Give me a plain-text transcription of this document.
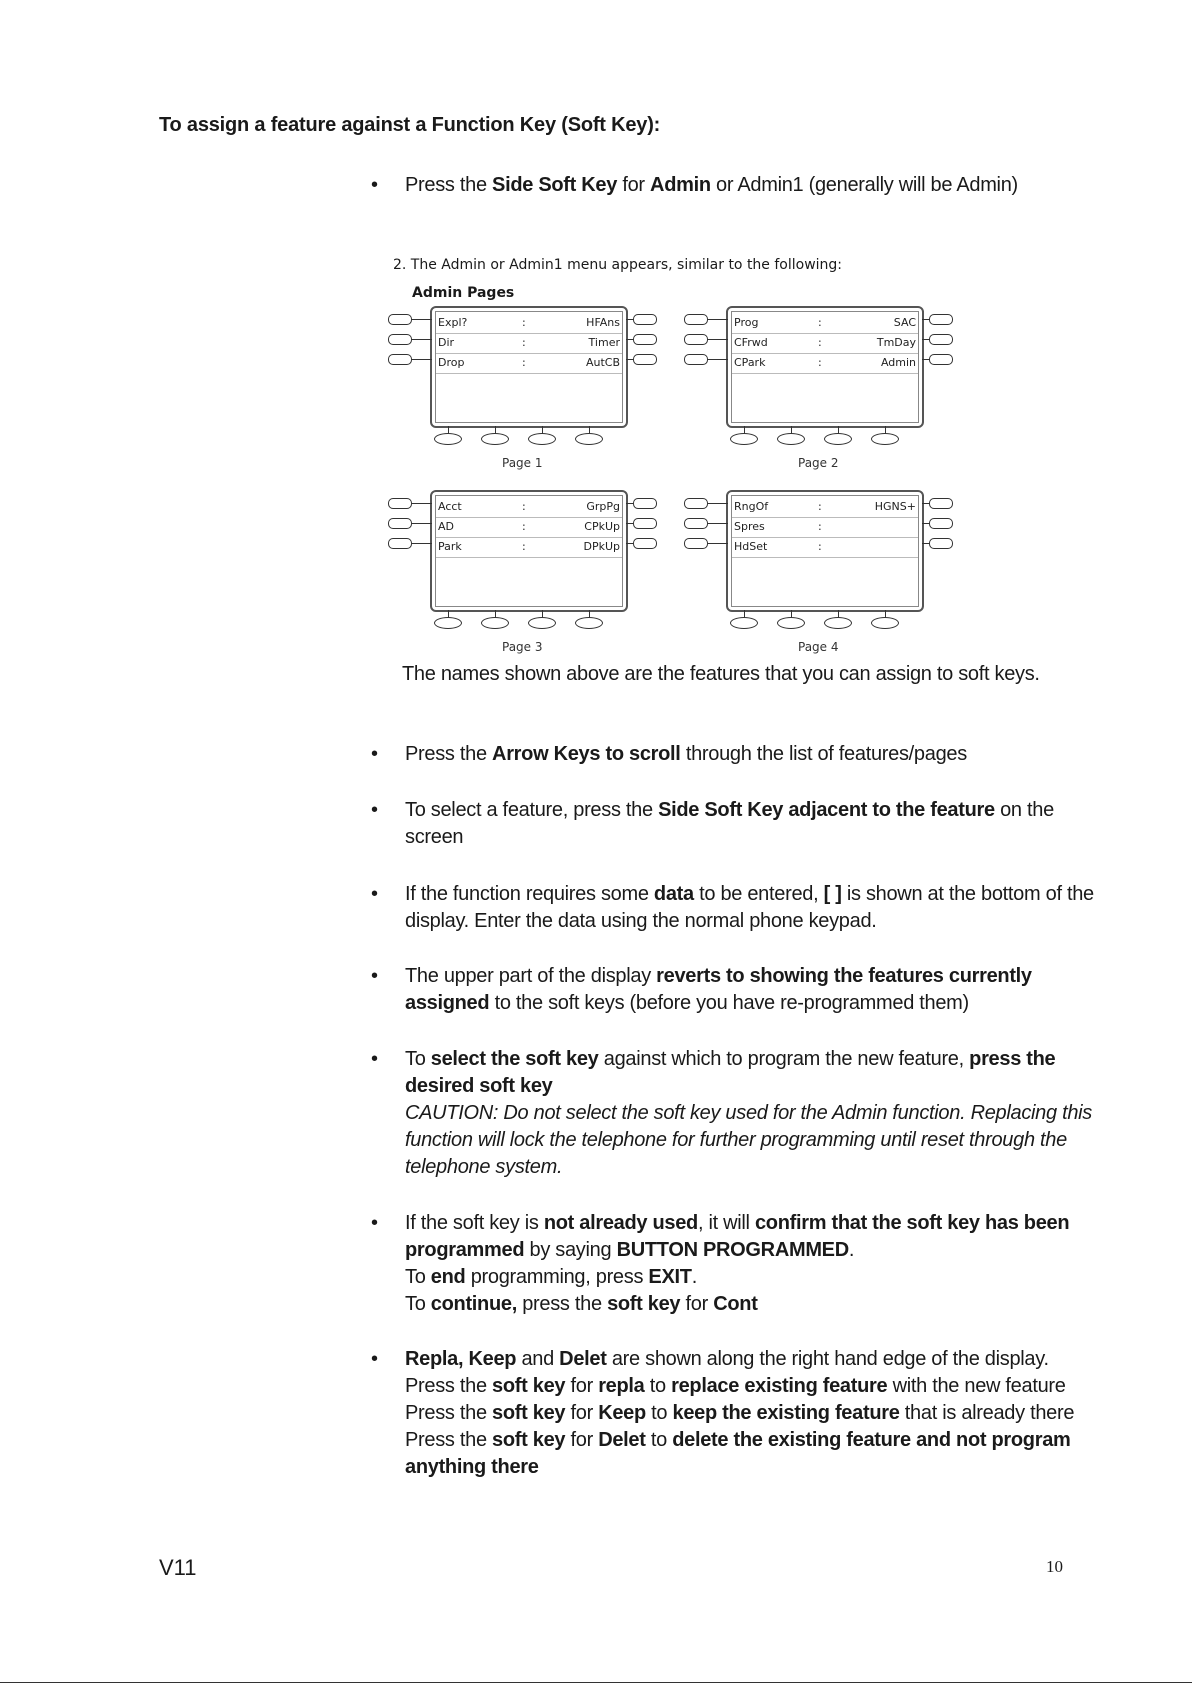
To assign a feature against a Function Key (Soft Key):
• Press the Side Soft Key for Admin or Admin1 (generally will be Admin)
2. The Admin or Admin1 menu appears, similar to the following:
Admin Pages
Expl?	:	HFAns
Dir	:	Timer
Drop	:	AutCB
Page 1
Prog	:	SAC
CFrwd	:	TmDay
CPark	:	Admin
Page 2
Acct	:	GrpPg
AD	:	CPkUp
Park	:	DPkUp
Page 3
RngOf	:	HGNS+
Spres	:
HdSet	:
Page 4
The names shown above are the features that you can assign to soft keys.
• Press the Arrow Keys to scroll through the list of features/pages
• To select a feature, press the Side Soft Key adjacent to the feature on the screen
• If the function requires some data to be entered, [ ] is shown at the bottom of the display. Enter the data using the normal phone keypad.
• The upper part of the display reverts to showing the features currently assigned to the soft keys (before you have re-programmed them)
• To select the soft key against which to program the new feature, press the desired soft key
CAUTION: Do not select the soft key used for the Admin function. Replacing this function will lock the telephone for further programming until reset through the telephone system.
• If the soft key is not already used, it will confirm that the soft key has been programmed by saying BUTTON PROGRAMMED.
To end programming, press EXIT.
To continue, press the soft key for Cont
• Repla, Keep and Delet are shown along the right hand edge of the display.
Press the soft key for repla to replace existing feature with the new feature
Press the soft key for Keep to keep the existing feature that is already there
Press the soft key for Delet to delete the existing feature and not program anything there
V11	10
